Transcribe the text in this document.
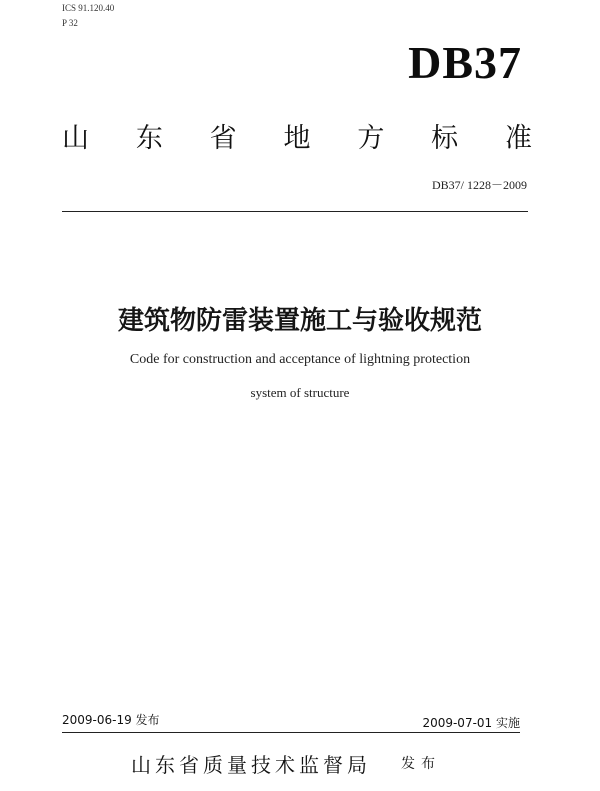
ICS 91.120.40
P 32
DB37
山 东 省 地 方 标 准
DB37/ 1228－2009
建筑物防雷装置施工与验收规范
Code for construction and acceptance of lightning protection
system of structure
2009-06-19 发布	2009-07-01 实施
山东省质量技术监督局 发布
